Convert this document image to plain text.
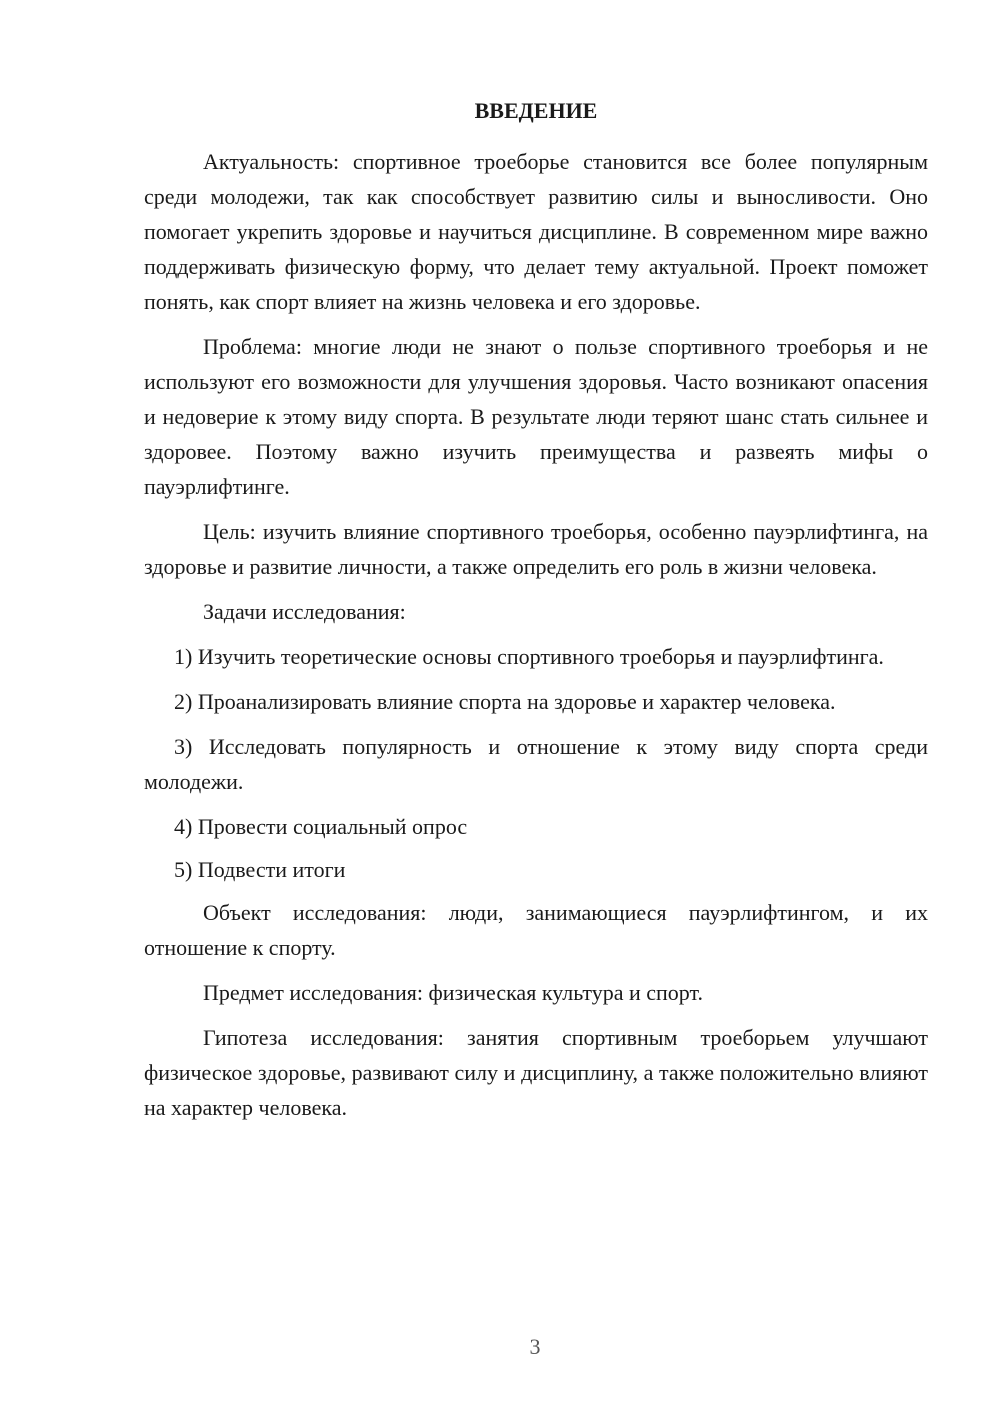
ВВЕДЕНИЕ

Актуальность: спортивное троеборье становится все более популярным среди молодежи, так как способствует развитию силы и выносливости. Оно помогает укрепить здоровье и научиться дисциплине. В современном мире важно поддерживать физическую форму, что делает тему актуальной. Проект поможет понять, как спорт влияет на жизнь человека и его здоровье.

Проблема: многие люди не знают о пользе спортивного троеборья и не используют его возможности для улучшения здоровья. Часто возникают опасения и недоверие к этому виду спорта. В результате люди теряют шанс стать сильнее и здоровее. Поэтому важно изучить преимущества и развеять мифы о пауэрлифтинге.

Цель: изучить влияние спортивного троеборья, особенно пауэрлифтинга, на здоровье и развитие личности, а также определить его роль в жизни человека.

Задачи исследования:

1) Изучить теоретические основы спортивного троеборья и пауэрлифтинга.

2) Проанализировать влияние спорта на здоровье и характер человека.

3) Исследовать популярность и отношение к этому виду спорта среди молодежи.

4) Провести социальный опрос

5) Подвести итоги

Объект исследования: люди, занимающиеся пауэрлифтингом, и их отношение к спорту.

Предмет исследования: физическая культура и спорт.

Гипотеза исследования: занятия спортивным троеборьем улучшают физическое здоровье, развивают силу и дисциплину, а также положительно влияют на характер человека.

3
